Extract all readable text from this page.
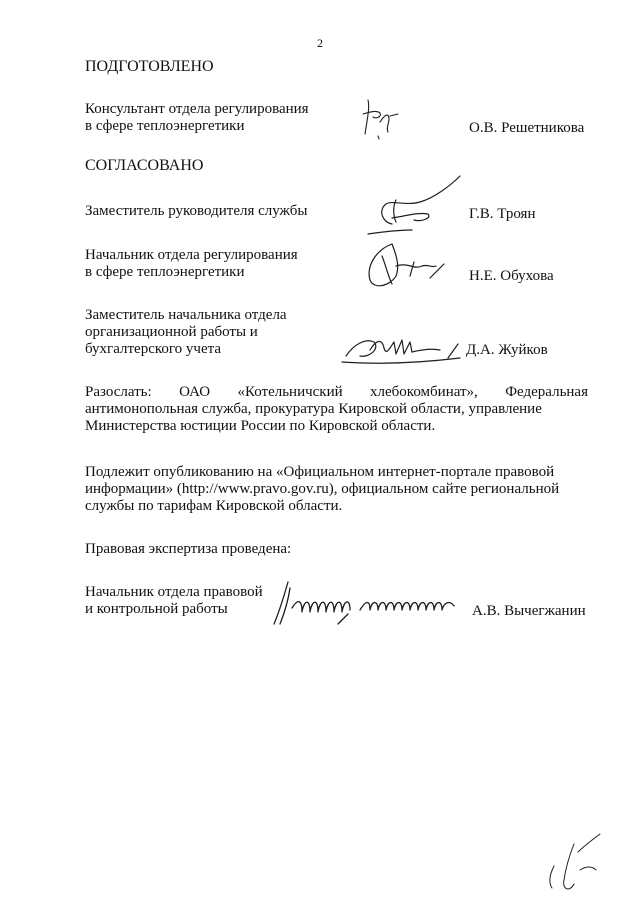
2
ПОДГОТОВЛЕНО
Консультант отдела регулирования
в сфере теплоэнергетики	О.В. Решетникова
СОГЛАСОВАНО
Заместитель руководителя службы	Г.В. Троян
Начальник отдела регулирования
в сфере теплоэнергетики	Н.Е. Обухова
Заместитель начальника отдела
организационной работы и
бухгалтерского учета	Д.А. Жуйков
Разослать: ОАО «Котельничский хлебокомбинат», Федеральная
антимонопольная служба, прокуратура Кировской области, управление
Министерства юстиции России по Кировской области.
Подлежит опубликованию на «Официальном интернет-портале правовой
информации» (http://www.pravo.gov.ru), официальном сайте региональной
службы по тарифам Кировской области.
Правовая экспертиза проведена:
Начальник отдела правовой
и контрольной работы	А.В. Вычегжанин
